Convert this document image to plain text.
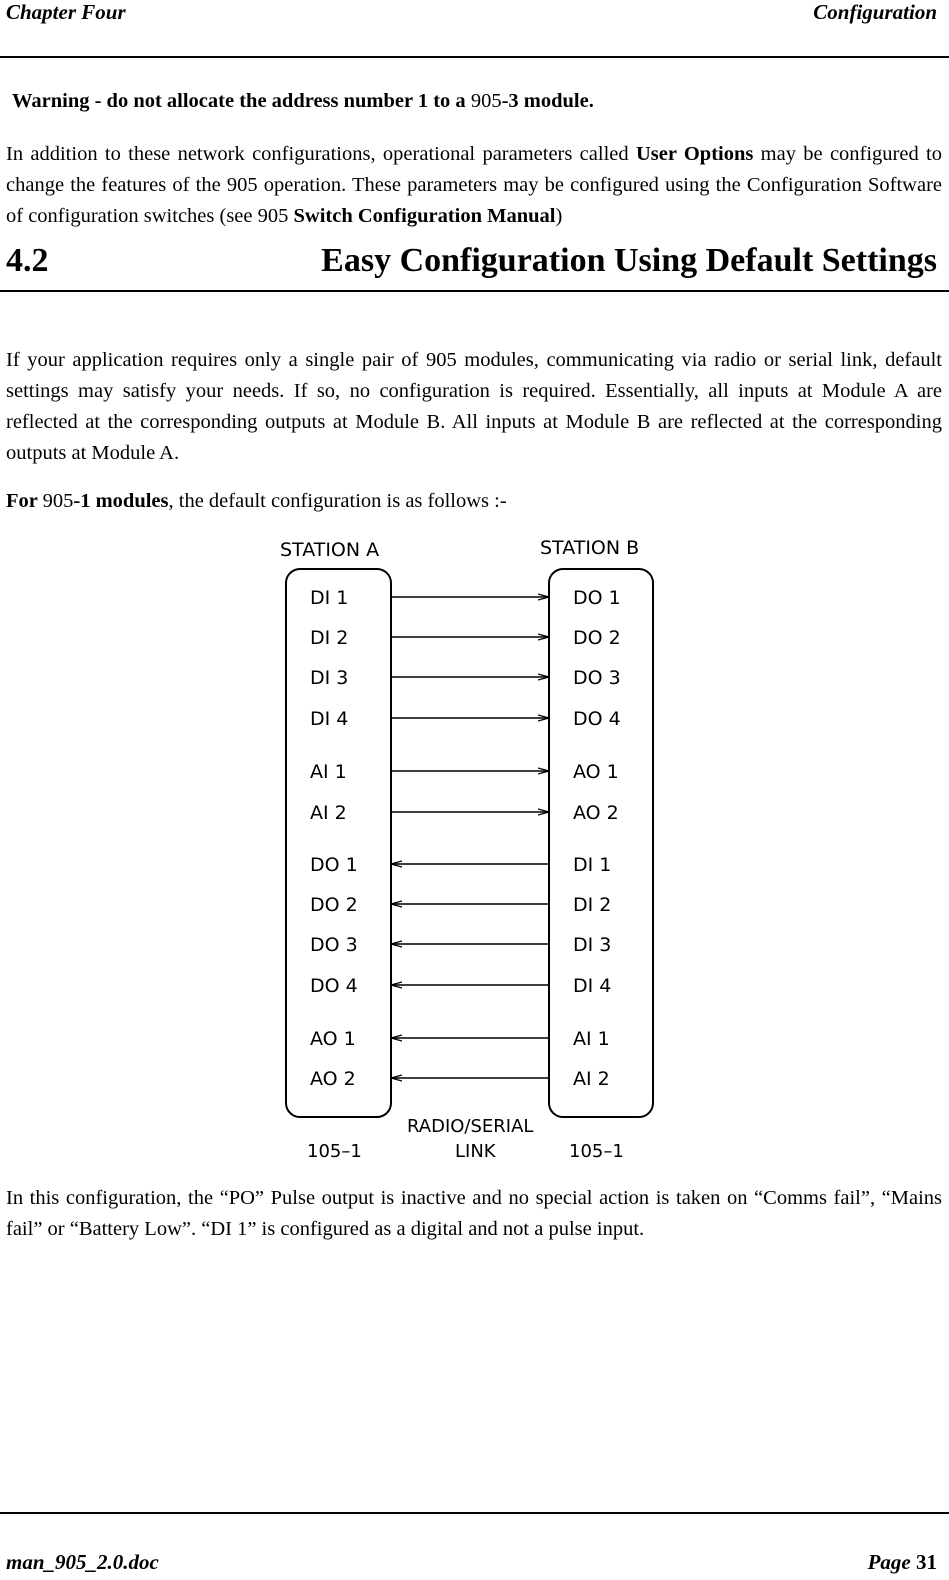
Chapter Four	Configuration

Warning - do not allocate the address number 1 to a 905-3 module.

In addition to these network configurations, operational parameters called User Options may be configured to change the features of the 905 operation. These parameters may be configured using the Configuration Software of configuration switches (see 905 Switch Configuration Manual)

4.2	Easy Configuration Using Default Settings

If your application requires only a single pair of 905 modules, communicating via radio or serial link, default settings may satisfy your needs. If so, no configuration is required. Essentially, all inputs at Module A are reflected at the corresponding outputs at Module B. All inputs at Module B are reflected at the corresponding outputs at Module A.

For 905-1 modules, the default configuration is as follows :-

STATION A	STATION B
DI 1	DO 1
DI 2	DO 2
DI 3	DO 3
DI 4	DO 4
AI 1	AO 1
AI 2	AO 2
DO 1	DI 1
DO 2	DI 2
DO 3	DI 3
DO 4	DI 4
AO 1	AI 1
AO 2	AI 2
RADIO/SERIAL
LINK
105–1	105–1

In this configuration, the “PO” Pulse output is inactive and no special action is taken on “Comms fail”, “Mains fail” or “Battery Low”. “DI 1” is configured as a digital and not a pulse input.

man_905_2.0.doc	Page 31
